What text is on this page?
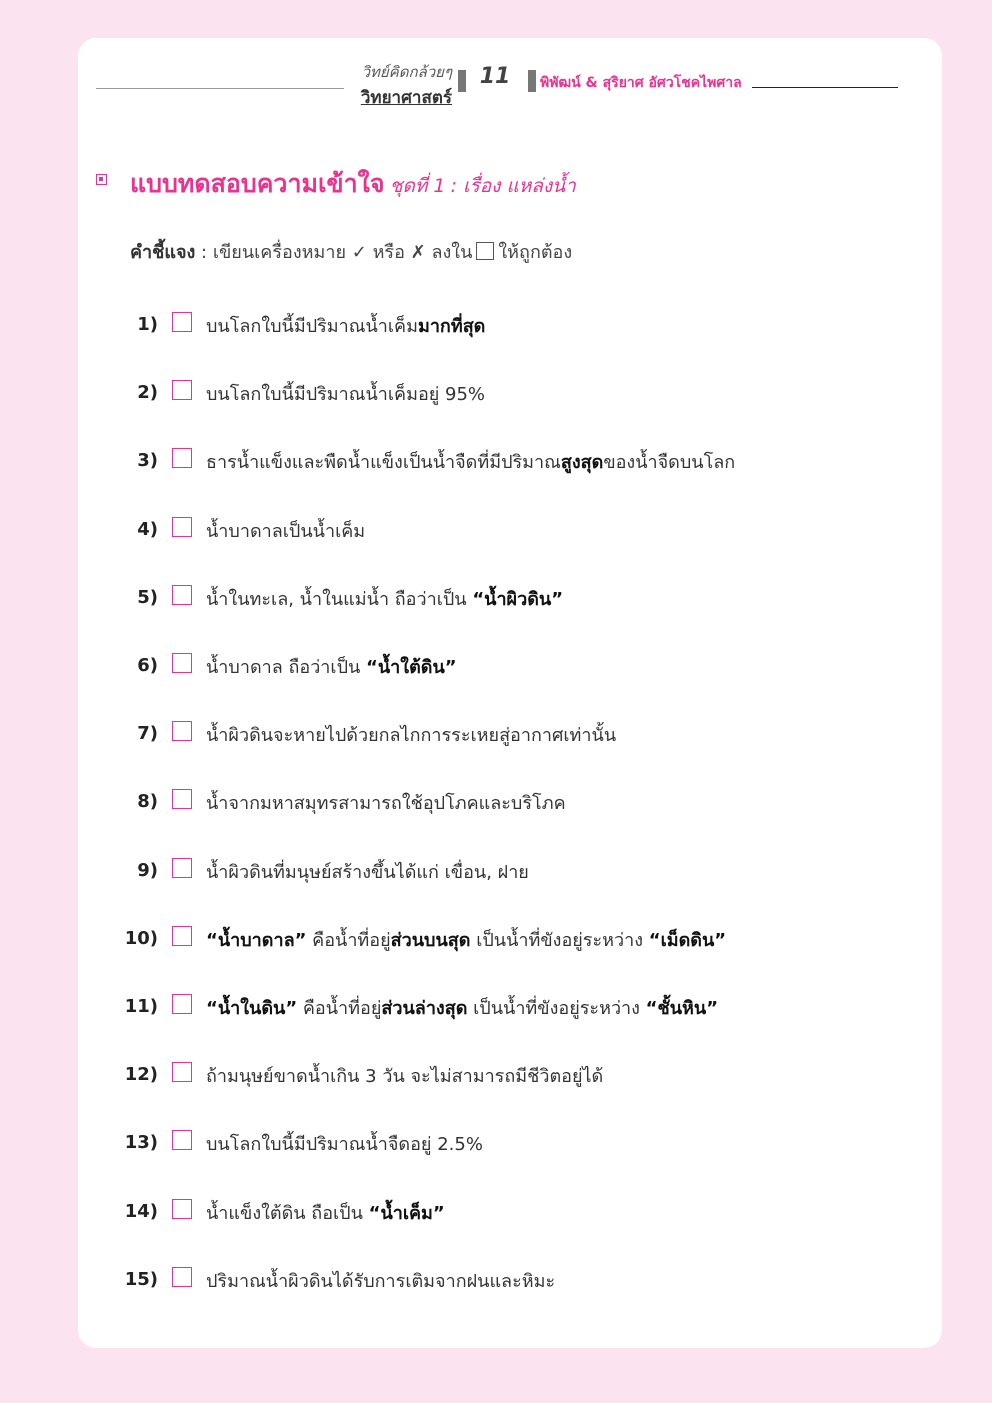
วิทย์คิดกล้วยๆ
วิทยาศาสตร์
11	พิพัฒน์ & สุริยาศ อัศวโชคไพศาล
แบบทดสอบความเข้าใจ ชุดที่ 1 : เรื่อง แหล่งน้ำ
คำชี้แจง : เขียนเครื่องหมาย ✓ หรือ ✗ ลงใน ให้ถูกต้อง
1)	บนโลกใบนี้มีปริมาณน้ำเค็มมากที่สุด
2)	บนโลกใบนี้มีปริมาณน้ำเค็มอยู่ 95%
3)	ธารน้ำแข็งและพืดน้ำแข็งเป็นน้ำจืดที่มีปริมาณสูงสุดของน้ำจืดบนโลก
4)	น้ำบาดาลเป็นน้ำเค็ม
5)	น้ำในทะเล, น้ำในแม่น้ำ ถือว่าเป็น “น้ำผิวดิน”
6)	น้ำบาดาล ถือว่าเป็น “น้ำใต้ดิน”
7)	น้ำผิวดินจะหายไปด้วยกลไกการระเหยสู่อากาศเท่านั้น
8)	น้ำจากมหาสมุทรสามารถใช้อุปโภคและบริโภค
9)	น้ำผิวดินที่มนุษย์สร้างขึ้นได้แก่ เขื่อน, ฝาย
10)	“น้ำบาดาล” คือน้ำที่อยู่ส่วนบนสุด เป็นน้ำที่ขังอยู่ระหว่าง “เม็ดดิน”
11)	“น้ำในดิน” คือน้ำที่อยู่ส่วนล่างสุด เป็นน้ำที่ขังอยู่ระหว่าง “ชั้นหิน”
12)	ถ้ามนุษย์ขาดน้ำเกิน 3 วัน จะไม่สามารถมีชีวิตอยู่ได้
13)	บนโลกใบนี้มีปริมาณน้ำจืดอยู่ 2.5%
14)	น้ำแข็งใต้ดิน ถือเป็น “น้ำเค็ม”
15)	ปริมาณน้ำผิวดินได้รับการเติมจากฝนและหิมะ
